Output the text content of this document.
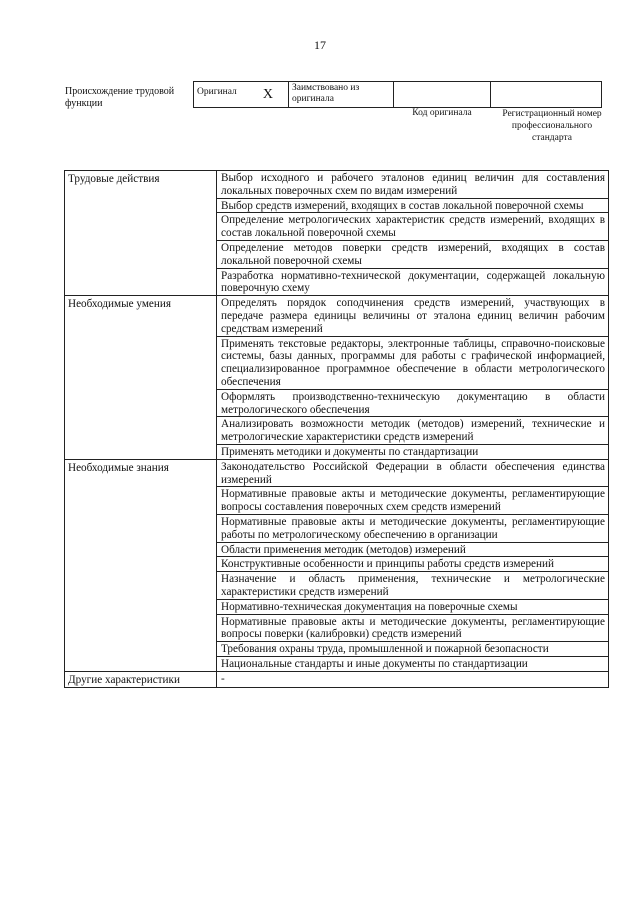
17
Происхождение трудовой функции
Оригинал X	Заимствовано из оригинала		
Код оригинала	Регистрационный номер профессионального стандарта
Трудовые действия	Выбор исходного и рабочего эталонов единиц величин для составления локальных поверочных схем по видам измерений
	Выбор средств измерений, входящих в состав локальной поверочной схемы
	Определение метрологических характеристик средств измерений, входящих в состав локальной поверочной схемы
	Определение методов поверки средств измерений, входящих в состав локальной поверочной схемы
	Разработка нормативно-технической документации, содержащей локальную поверочную схему
Необходимые умения	Определять порядок соподчинения средств измерений, участвующих в передаче размера единицы величины от эталона единиц величин рабочим средствам измерений
	Применять текстовые редакторы, электронные таблицы, справочно-поисковые системы, базы данных, программы для работы с графической информацией, специализированное программное обеспечение в области метрологического обеспечения
	Оформлять производственно-техническую документацию в области метрологического обеспечения
	Анализировать возможности методик (методов) измерений, технические и метрологические характеристики средств измерений
	Применять методики и документы по стандартизации
Необходимые знания	Законодательство Российской Федерации в области обеспечения единства измерений
	Нормативные правовые акты и методические документы, регламентирующие вопросы составления поверочных схем средств измерений
	Нормативные правовые акты и методические документы, регламентирующие работы по метрологическому обеспечению в организации
	Области применения методик (методов) измерений
	Конструктивные особенности и принципы работы средств измерений
	Назначение и область применения, технические и метрологические характеристики средств измерений
	Нормативно-техническая документация на поверочные схемы
	Нормативные правовые акты и методические документы, регламентирующие вопросы поверки (калибровки) средств измерений
	Требования охраны труда, промышленной и пожарной безопасности
	Национальные стандарты и иные документы по стандартизации
Другие характеристики	-
